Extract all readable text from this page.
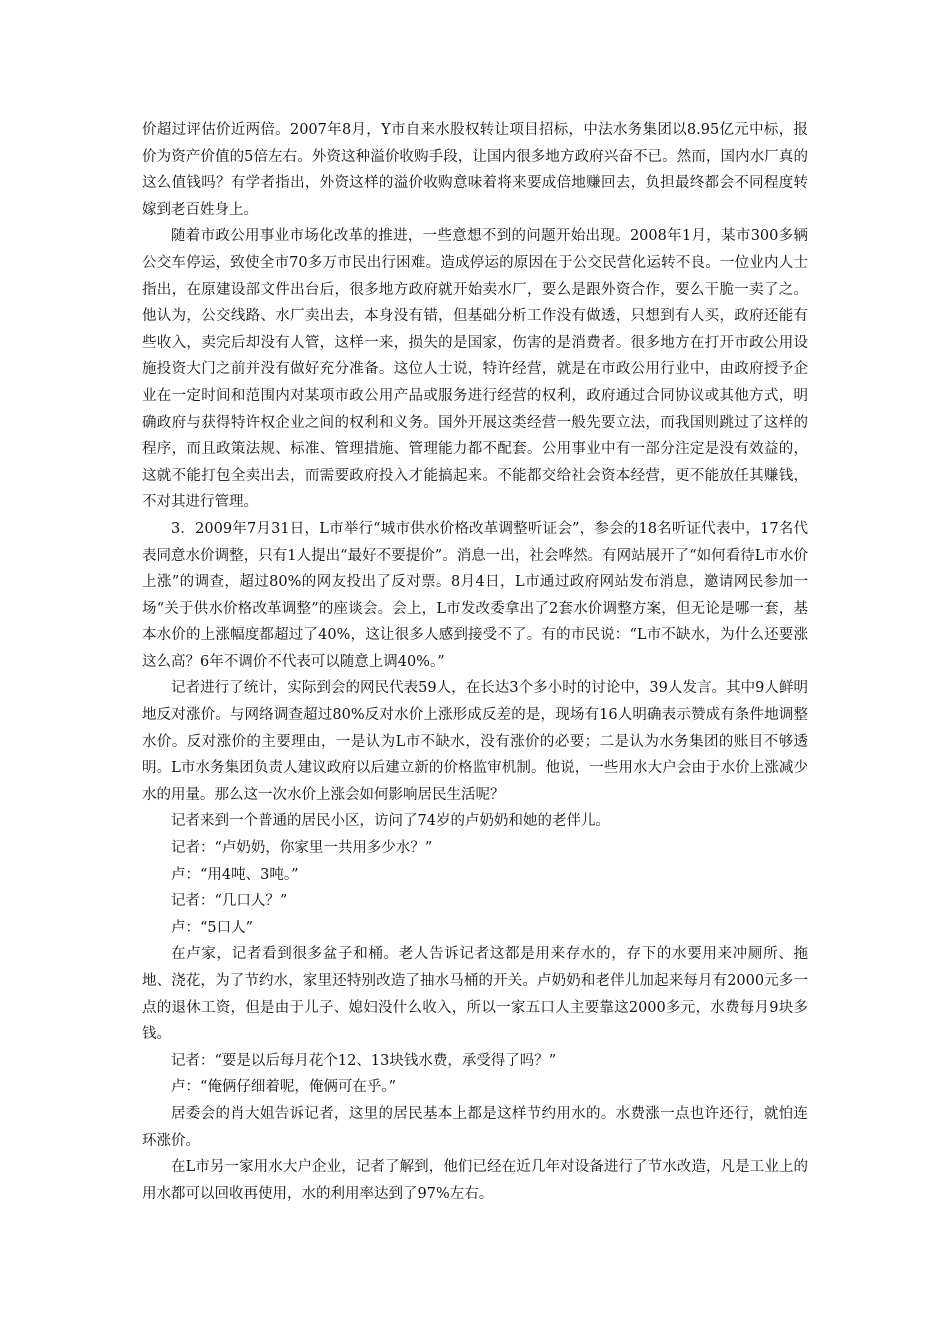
价超过评估价近两倍。2007年8月，Y市自来水股权转让项目招标，中法水务集团以8.95亿元中标，报价为资产价值的5倍左右。外资这种溢价收购手段，让国内很多地方政府兴奋不已。然而，国内水厂真的这么值钱吗？有学者指出，外资这样的溢价收购意味着将来要成倍地赚回去，负担最终都会不同程度转嫁到老百姓身上。

随着市政公用事业市场化改革的推进，一些意想不到的问题开始出现。2008年1月，某市300多辆公交车停运，致使全市70多万市民出行困难。造成停运的原因在于公交民营化运转不良。一位业内人士指出，在原建设部文件出台后，很多地方政府就开始卖水厂，要么是跟外资合作，要么干脆一卖了之。他认为，公交线路、水厂卖出去，本身没有错，但基础分析工作没有做透，只想到有人买，政府还能有些收入，卖完后却没有人管，这样一来，损失的是国家，伤害的是消费者。很多地方在打开市政公用设施投资大门之前并没有做好充分准备。这位人士说，特许经营，就是在市政公用行业中，由政府授予企业在一定时间和范围内对某项市政公用产品或服务进行经营的权利，政府通过合同协议或其他方式，明确政府与获得特许权企业之间的权利和义务。国外开展这类经营一般先要立法，而我国则跳过了这样的程序，而且政策法规、标准、管理措施、管理能力都不配套。公用事业中有一部分注定是没有效益的，这就不能打包全卖出去，而需要政府投入才能搞起来。不能都交给社会资本经营，更不能放任其赚钱，不对其进行管理。

3．2009年7月31日，L市举行“城市供水价格改革调整听证会”，参会的18名听证代表中，17名代表同意水价调整，只有1人提出“最好不要提价”。消息一出，社会哗然。有网站展开了“如何看待L市水价上涨”的调查，超过80%的网友投出了反对票。8月4日，L市通过政府网站发布消息，邀请网民参加一场“关于供水价格改革调整”的座谈会。会上，L市发改委拿出了2套水价调整方案，但无论是哪一套，基本水价的上涨幅度都超过了40%，这让很多人感到接受不了。有的市民说：“L市不缺水，为什么还要涨这么高？6年不调价不代表可以随意上调40%。”

记者进行了统计，实际到会的网民代表59人，在长达3个多小时的讨论中，39人发言。其中9人鲜明地反对涨价。与网络调查超过80%反对水价上涨形成反差的是，现场有16人明确表示赞成有条件地调整水价。反对涨价的主要理由，一是认为L市不缺水，没有涨价的必要；二是认为水务集团的账目不够透明。L市水务集团负责人建议政府以后建立新的价格监审机制。他说，一些用水大户会由于水价上涨减少水的用量。那么这一次水价上涨会如何影响居民生活呢？

记者来到一个普通的居民小区，访问了74岁的卢奶奶和她的老伴儿。

记者：“卢奶奶，你家里一共用多少水？”

卢：“用4吨、3吨。”

记者：“几口人？”

卢：“5口人”

在卢家，记者看到很多盆子和桶。老人告诉记者这都是用来存水的，存下的水要用来冲厕所、拖地、浇花，为了节约水，家里还特别改造了抽水马桶的开关。卢奶奶和老伴儿加起来每月有2000元多一点的退休工资，但是由于儿子、媳妇没什么收入，所以一家五口人主要靠这2000多元，水费每月9块多钱。

记者：“要是以后每月花个12、13块钱水费，承受得了吗？”

卢：“俺俩仔细着呢，俺俩可在乎。”

居委会的肖大姐告诉记者，这里的居民基本上都是这样节约用水的。水费涨一点也许还行，就怕连环涨价。

在L市另一家用水大户企业，记者了解到，他们已经在近几年对设备进行了节水改造，凡是工业上的用水都可以回收再使用，水的利用率达到了97%左右。
